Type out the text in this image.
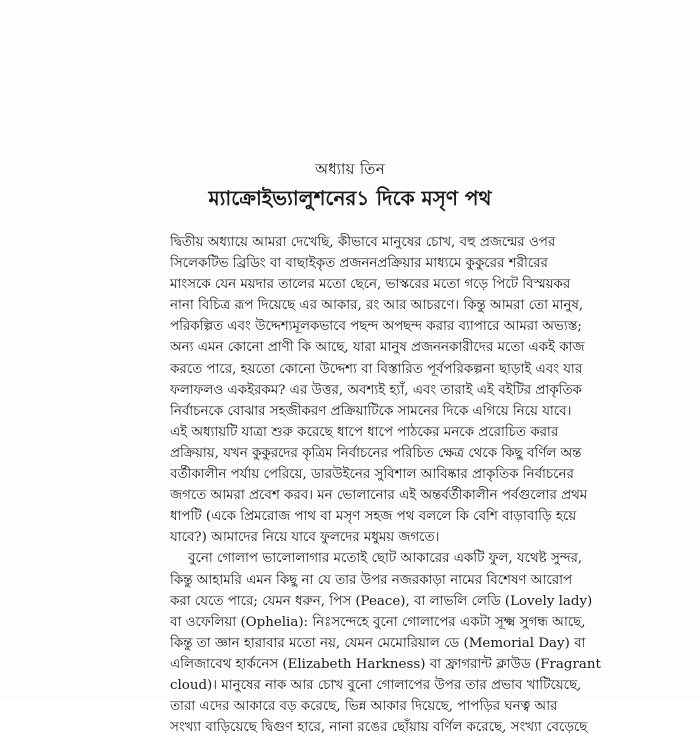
অধ্যায় তিন
ম্যাক্রোইভ্যালুশনের১ দিকে মসৃণ পথ
দ্বিতীয় অধ্যায়ে আমরা দেখেছি, কীভাবে মানুষের চোখ, বহু প্রজন্মের ওপর
সিলেকটিভ ব্রিডিং বা বাছাইকৃত প্রজননপ্রক্রিয়ার মাধ্যমে কুকুরের শরীরের
মাংসকে যেন ময়দার তালের মতো ছেনে, ভাস্করের মতো গড়ে পিটে বিস্ময়কর
নানা বিচিত্র রূপ দিয়েছে এর আকার, রং আর আচরণে। কিন্তু আমরা তো মানুষ,
পরিকল্পিত এবং উদ্দেশ্যমূলকভাবে পছন্দ অপছন্দ করার ব্যাপারে আমরা অভ্যস্ত;
অন্য এমন কোনো প্রাণী কি আছে, যারা মানুষ প্রজননকারীদের মতো একই কাজ
করতে পারে, হয়তো কোনো উদ্দেশ্য বা বিস্তারিত পূর্বপরিকল্পনা ছাড়াই এবং যার
ফলাফলও একইরকম? এর উত্তর, অবশ্যই হ্যাঁ, এবং তারাই এই বইটির প্রাকৃতিক
নির্বাচনকে বোঝার সহজীকরণ প্রক্রিয়াটিকে সামনের দিকে এগিয়ে নিয়ে যাবে।
এই অধ্যায়টি যাত্রা শুরু করেছে ধাপে ধাপে পাঠকের মনকে প্ররোচিত করার
প্রক্রিয়ায়, যখন কুকুরদের কৃত্রিম নির্বাচনের পরিচিত ক্ষেত্র থেকে কিছু বর্ণিল অন্ত
বর্তীকালীন পর্যায় পেরিয়ে, ডারউইনের সুবিশাল আবিষ্কার প্রাকৃতিক নির্বাচনের
জগতে আমরা প্রবেশ করব। মন ভোলানোর এই অন্তর্বর্তীকালীন পর্বগুলোর প্রথম
ধাপটি (একে প্রিমরোজ পাথ বা মসৃণ সহজ পথ বললে কি বেশি বাড়াবাড়ি হয়ে
যাবে?) আমাদের নিয়ে যাবে ফুলদের মধুময় জগতে।
বুনো গোলাপ ভালোলাগার মতোই ছোট আকারের একটি ফুল, যথেষ্ট সুন্দর,
কিন্তু আহামরি এমন কিছু না যে তার উপর নজরকাড়া নামের বিশেষণ আরোপ
করা যেতে পারে; যেমন ধরুন, পিস (Peace), বা লাভলি লেডি (Lovely lady)
বা ওফেলিয়া (Ophelia): নিঃসন্দেহে বুনো গোলাপের একটা সূক্ষ্ম সুগন্ধ আছে,
কিন্তু তা জ্ঞান হারাবার মতো নয়, যেমন মেমোরিয়াল ডে (Memorial Day) বা
এলিজাবেথ হার্কনেস (Elizabeth Harkness) বা ফ্রাগরান্ট ক্লাউড (Fragrant
cloud)। মানুষের নাক আর চোখ বুনো গোলাপের উপর তার প্রভাব খাটিয়েছে,
তারা এদের আকারে বড় করেছে, ভিন্ন আকার দিয়েছে, পাপড়ির ঘনত্ব আর
সংখ্যা বাড়িয়েছে দ্বিগুণ হারে, নানা রঙের ছোঁয়ায় বর্ণিল করেছে, সংখ্যা বেড়েছে
